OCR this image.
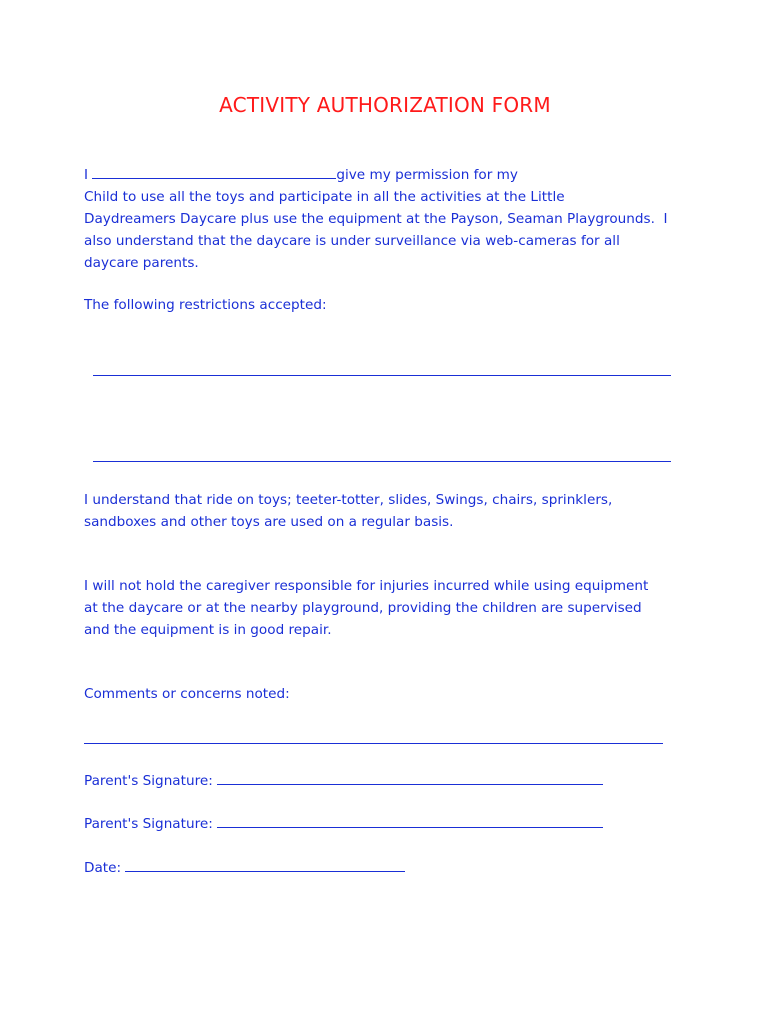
ACTIVITY AUTHORIZATION FORM
I	give my permission for my
Child to use all the toys and participate in all the activities at the Little
Daydreamers Daycare plus use the equipment at the Payson, Seaman Playgrounds.  I
also understand that the daycare is under surveillance via web-cameras for all
daycare parents.
The following restrictions accepted:
I understand that ride on toys; teeter-totter, slides, Swings, chairs, sprinklers,
sandboxes and other toys are used on a regular basis.
I will not hold the caregiver responsible for injuries incurred while using equipment
at the daycare or at the nearby playground, providing the children are supervised
and the equipment is in good repair.
Comments or concerns noted:
Parent's Signature:
Parent's Signature:
Date:
